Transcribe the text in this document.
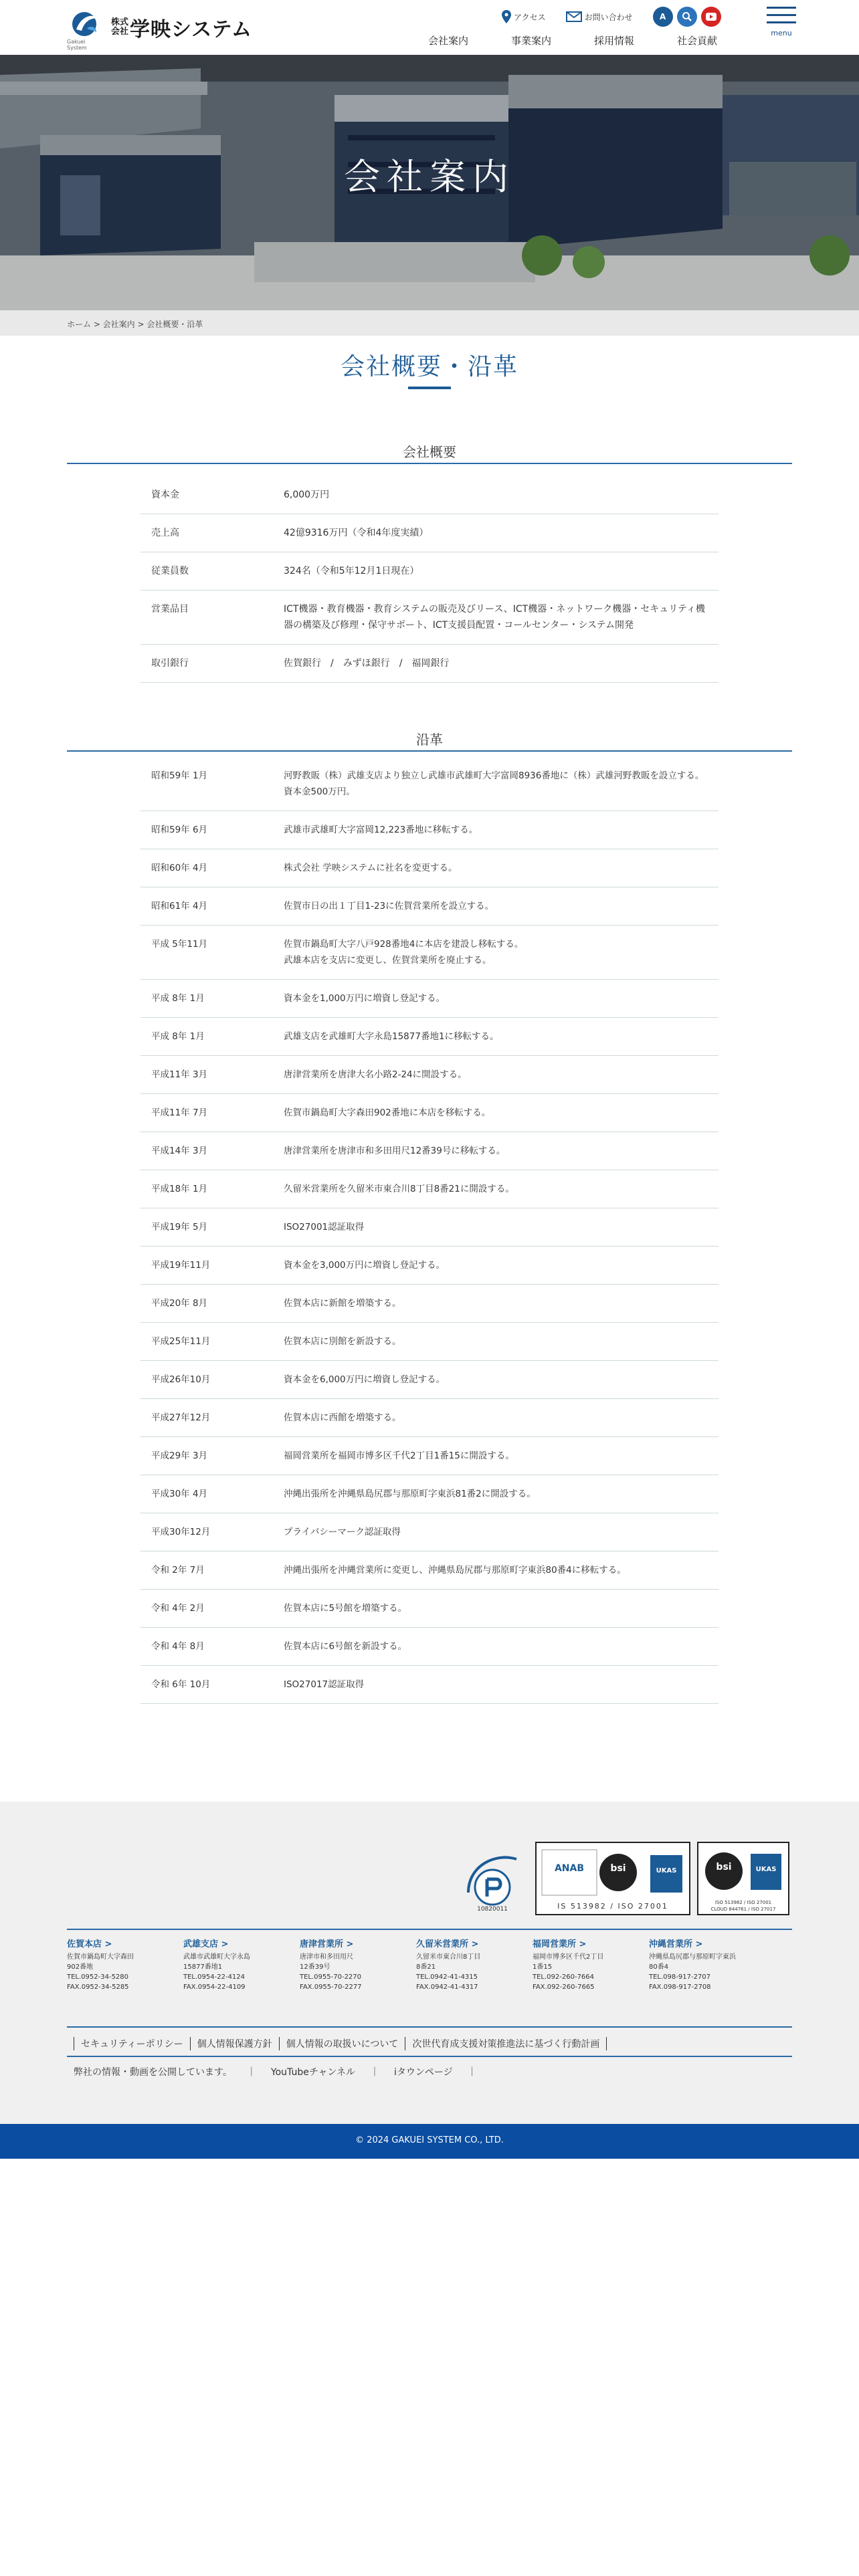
Gakuei System
株式会社 学映システム
アクセス	お問い合わせ	A
会社案内	事業案内	採用情報	社会貢献
menu
会社案内
ホーム > 会社案内 > 会社概要・沿革
会社概要・沿革
会社概要
資本金	6,000万円
売上高	42億9316万円（令和4年度実績）
従業員数	324名（令和5年12月1日現在）
営業品目	ICT機器・教育機器・教育システムの販売及びリース、ICT機器・ネットワーク機器・セキュリティ機器の構築及び修理・保守サポート、ICT支援員配置・コールセンター・システム開発
取引銀行	佐賀銀行　/　みずほ銀行　/　福岡銀行
沿革
昭和59年 1月	河野教販（株）武雄支店より独立し武雄市武雄町大字富岡8936番地に（株）武雄河野教販を設立する。資本金500万円。
昭和59年 6月	武雄市武雄町大字富岡12,223番地に移転する。
昭和60年 4月	株式会社 学映システムに社名を変更する。
昭和61年 4月	佐賀市日の出１丁目1-23に佐賀営業所を設立する。
平成 5年11月	佐賀市鍋島町大字八戸928番地4に本店を建設し移転する。
武雄本店を支店に変更し、佐賀営業所を廃止する。
平成 8年 1月	資本金を1,000万円に増資し登記する。
平成 8年 1月	武雄支店を武雄町大字永島15877番地1に移転する。
平成11年 3月	唐津営業所を唐津大名小路2-24に開設する。
平成11年 7月	佐賀市鍋島町大字森田902番地に本店を移転する。
平成14年 3月	唐津営業所を唐津市和多田用尺12番39号に移転する。
平成18年 1月	久留米営業所を久留米市東合川8丁目8番21に開設する。
平成19年 5月	ISO27001認証取得
平成19年11月	資本金を3,000万円に増資し登記する。
平成20年 8月	佐賀本店に新館を増築する。
平成25年11月	佐賀本店に別館を新設する。
平成26年10月	資本金を6,000万円に増資し登記する。
平成27年12月	佐賀本店に西館を増築する。
平成29年 3月	福岡営業所を福岡市博多区千代2丁目1番15に開設する。
平成30年 4月	沖縄出張所を沖縄県島尻郡与那原町字東浜81番2に開設する。
平成30年12月	プライバシーマーク認証取得
令和 2年 7月	沖縄出張所を沖縄営業所に変更し、沖縄県島尻郡与那原町字東浜80番4に移転する。
令和 4年 2月	佐賀本店に5号館を増築する。
令和 4年 8月	佐賀本店に6号館を新設する。
令和 6年 10月	ISO27017認証取得
10820011
ANAB	bsi	UKAS
IS 513982 / ISO 27001
bsi	UKAS
ISO 513982 / ISO 27001
CLOUD 844761 / ISO 27017
佐賀本店 >
佐賀市鍋島町大字森田
902番地
TEL.0952-34-5280
FAX.0952-34-5285
武雄支店 >
武雄市武雄町大字永島
15877番地1
TEL.0954-22-4124
FAX.0954-22-4109
唐津営業所 >
唐津市和多田用尺
12番39号
TEL.0955-70-2270
FAX.0955-70-2277
久留米営業所 >
久留米市東合川8丁目
8番21
TEL.0942-41-4315
FAX.0942-41-4317
福岡営業所 >
福岡市博多区千代2丁目
1番15
TEL.092-260-7664
FAX.092-260-7665
沖縄営業所 >
沖縄県島尻郡与那原町字東浜
80番4
TEL.098-917-2707
FAX.098-917-2708
セキュリティーポリシー	個人情報保護方針	個人情報の取扱いについて	次世代育成支援対策推進法に基づく行動計画
弊社の情報・動画を公開しています。 ｜ YouTubeチャンネル ｜ iタウンページ ｜
© 2024 GAKUEI SYSTEM CO., LTD.
